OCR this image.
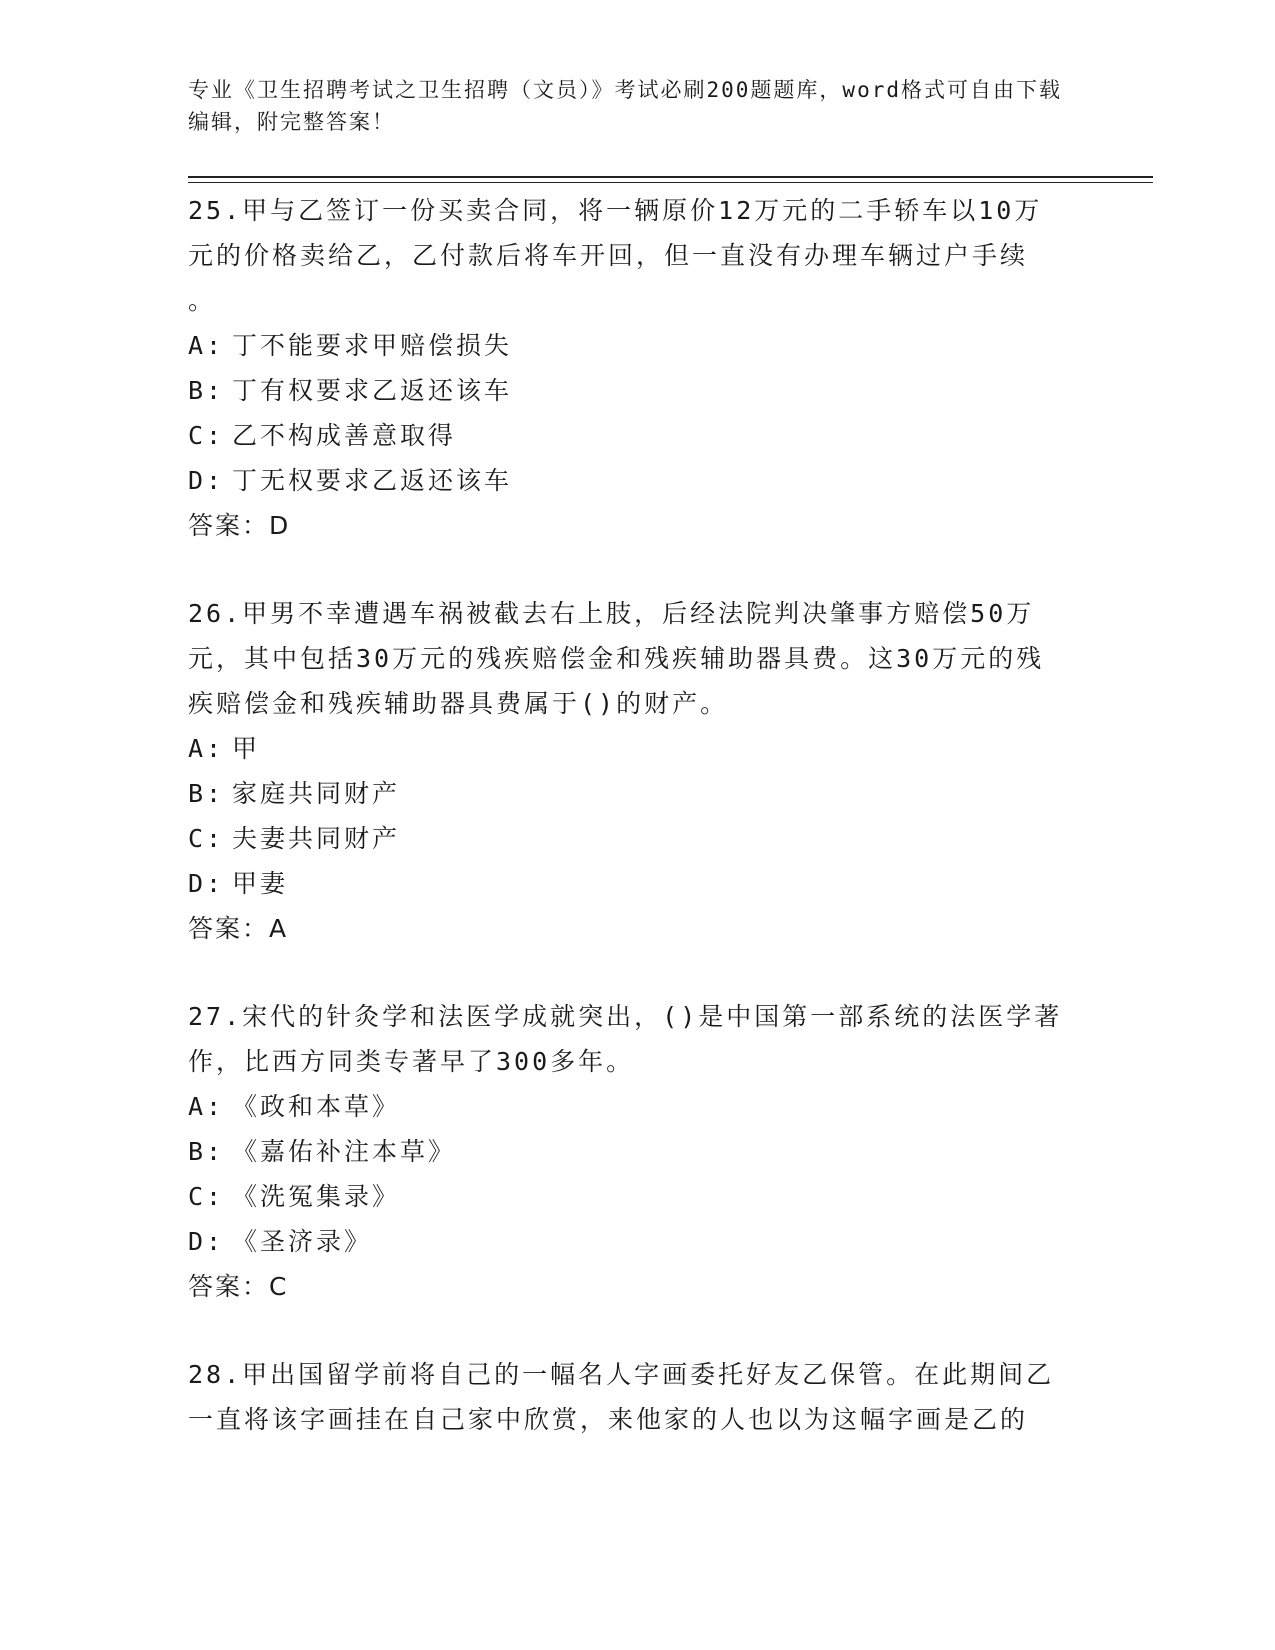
专业《卫生招聘考试之卫生招聘（文员）》考试必刷200题题库，word格式可自由下载编辑，附完整答案！

25.甲与乙签订一份买卖合同，将一辆原价12万元的二手轿车以10万元的价格卖给乙，乙付款后将车开回，但一直没有办理车辆过户手续

。

A: 丁不能要求甲赔偿损失

B: 丁有权要求乙返还该车

C: 乙不构成善意取得

D: 丁无权要求乙返还该车

答案：D

26.甲男不幸遭遇车祸被截去右上肢，后经法院判决肇事方赔偿50万元，其中包括30万元的残疾赔偿金和残疾辅助器具费。这30万元的残疾赔偿金和残疾辅助器具费属于()的财产。

A: 甲

B: 家庭共同财产

C: 夫妻共同财产

D: 甲妻

答案：A

27.宋代的针灸学和法医学成就突出，()是中国第一部系统的法医学著作，比西方同类专著早了300多年。

A: 《政和本草》

B: 《嘉佑补注本草》

C: 《洗冤集录》

D: 《圣济录》

答案：C

28.甲出国留学前将自己的一幅名人字画委托好友乙保管。在此期间乙一直将该字画挂在自己家中欣赏，来他家的人也以为这幅字画是乙的
